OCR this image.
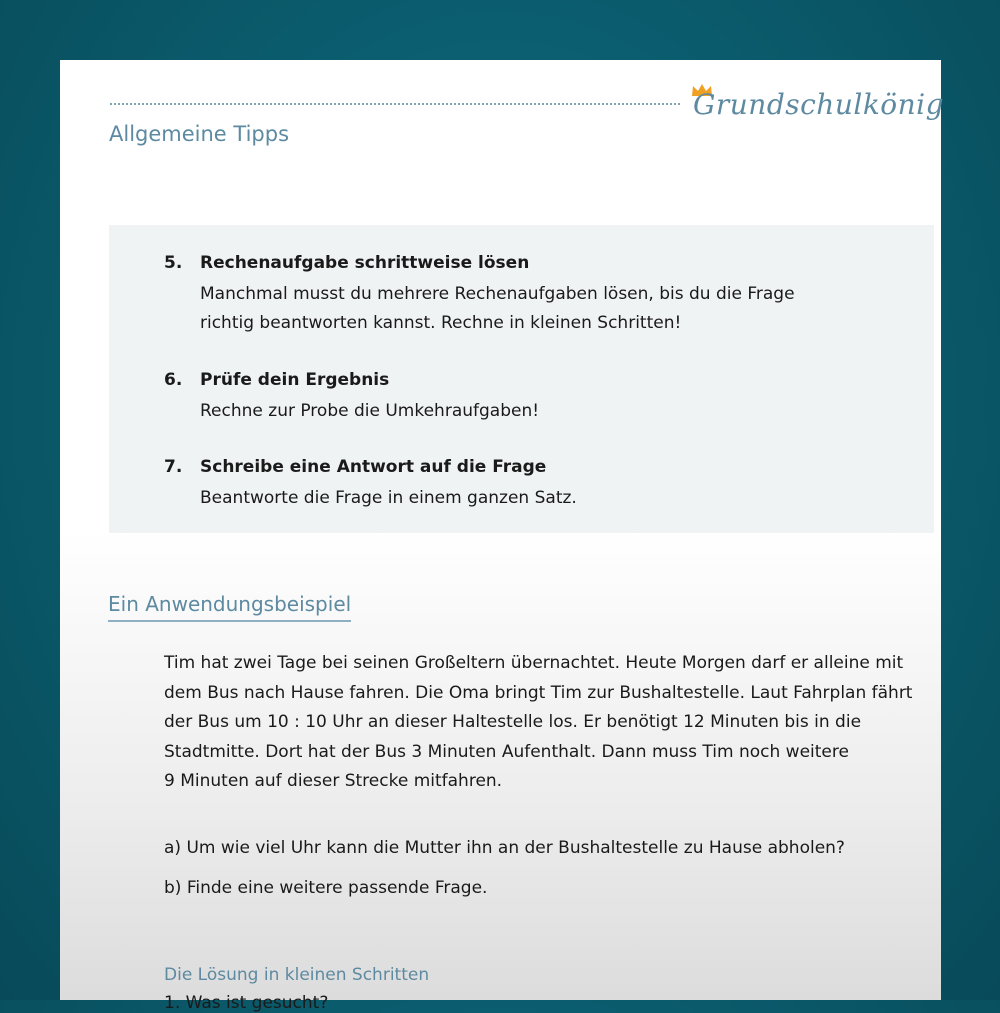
Grundschulkönig
Allgemeine Tipps
5. Rechenaufgabe schrittweise lösen
Manchmal musst du mehrere Rechenaufgaben lösen, bis du die Frage
richtig beantworten kannst. Rechne in kleinen Schritten!
6. Prüfe dein Ergebnis
Rechne zur Probe die Umkehraufgaben!
7. Schreibe eine Antwort auf die Frage
Beantworte die Frage in einem ganzen Satz.
Ein Anwendungsbeispiel
Tim hat zwei Tage bei seinen Großeltern übernachtet. Heute Morgen darf er alleine mit
dem Bus nach Hause fahren. Die Oma bringt Tim zur Bushaltestelle. Laut Fahrplan fährt
der Bus um 10 : 10 Uhr an dieser Haltestelle los. Er benötigt 12 Minuten bis in die
Stadtmitte. Dort hat der Bus 3 Minuten Aufenthalt. Dann muss Tim noch weitere
9 Minuten auf dieser Strecke mitfahren.
a) Um wie viel Uhr kann die Mutter ihn an der Bushaltestelle zu Hause abholen?
b) Finde eine weitere passende Frage.
Die Lösung in kleinen Schritten
1. Was ist gesucht?
